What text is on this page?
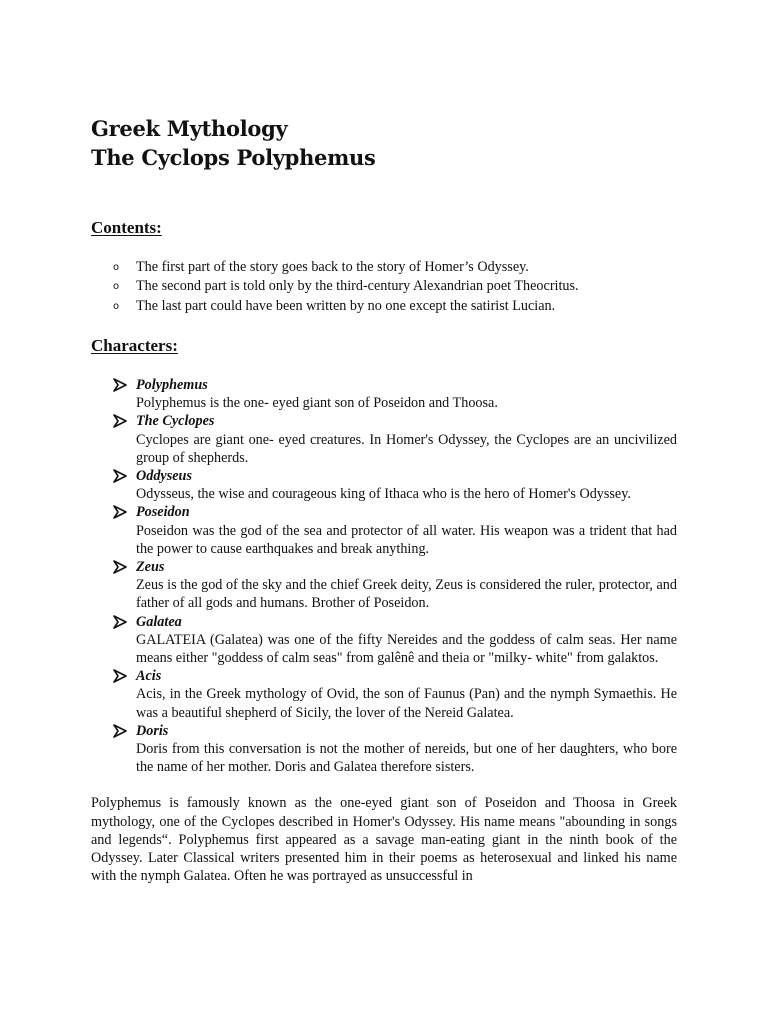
Greek Mythology
The Cyclops Polyphemus
Contents:
o The first part of the story goes back to the story of Homer’s Odyssey.
o The second part is told only by the third-century Alexandrian poet Theocritus.
o The last part could have been written by no one except the satirist Lucian.
Characters:
Polyphemus
Polyphemus is the one- eyed giant son of Poseidon and Thoosa.
The Cyclopes
Cyclopes are giant one- eyed creatures. In Homer's Odyssey, the Cyclopes are an uncivilized group of shepherds.
Oddyseus
Odysseus, the wise and courageous king of Ithaca who is the hero of Homer's Odyssey.
Poseidon
Poseidon was the god of the sea and protector of all water. His weapon was a trident that had the power to cause earthquakes and break anything.
Zeus
Zeus is the god of the sky and the chief Greek deity, Zeus is considered the ruler, protector, and father of all gods and humans. Brother of Poseidon.
Galatea
GALATEIA (Galatea) was one of the fifty Nereides and the goddess of calm seas. Her name means either "goddess of calm seas" from galênê and theia or "milky- white" from galaktos.
Acis
Acis, in the Greek mythology of Ovid, the son of Faunus (Pan) and the nymph Symaethis. He was a beautiful shepherd of Sicily, the lover of the Nereid Galatea.
Doris
Doris from this conversation is not the mother of nereids, but one of her daughters, who bore the name of her mother. Doris and Galatea therefore sisters.

Polyphemus is famously known as the one-eyed giant son of Poseidon and Thoosa in Greek mythology, one of the Cyclopes described in Homer's Odyssey. His name means "abounding in songs and legends“. Polyphemus first appeared as a savage man-eating giant in the ninth book of the Odyssey. Later Classical writers presented him in their poems as heterosexual and linked his name with the nymph Galatea. Often he was portrayed as unsuccessful in
